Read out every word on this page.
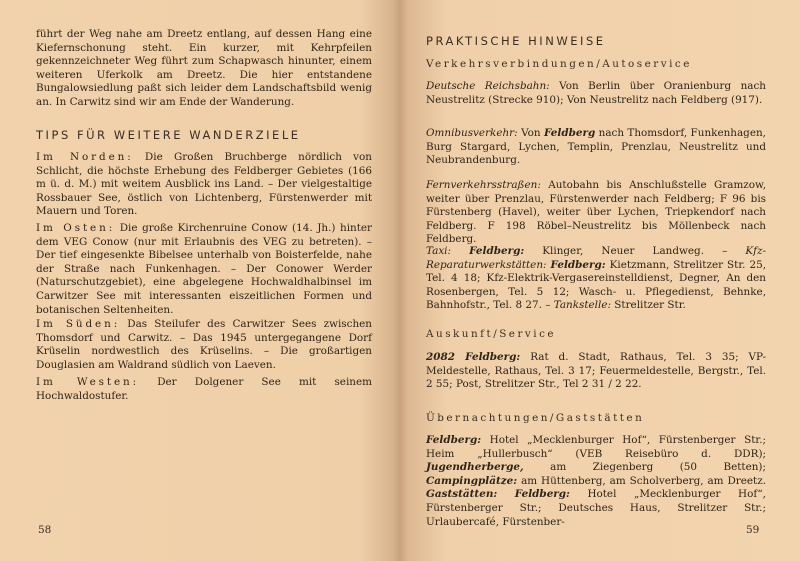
führt der Weg nahe am Dreetz entlang, auf dessen Hang eine Kiefernschonung steht. Ein kurzer, mit Kehrpfeilen gekennzeichneter Weg führt zum Schapwasch hinunter, einem weiteren Uferkolk am Dreetz. Die hier entstandene Bungalowsiedlung paßt sich leider dem Landschaftsbild wenig an. In Carwitz sind wir am Ende der Wanderung.

TIPS FÜR WEITERE WANDERZIELE

Im Norden: Die Großen Bruchberge nördlich von Schlicht, die höchste Erhebung des Feldberger Gebietes (166 m ü. d. M.) mit weitem Ausblick ins Land. – Der vielgestaltige Rossbauer See, östlich von Lichtenberg, Fürstenwerder mit Mauern und Toren.

Im Osten: Die große Kirchenruine Conow (14. Jh.) hinter dem VEG Conow (nur mit Erlaubnis des VEG zu betreten). – Der tief eingesenkte Bibelsee unterhalb von Boisterfelde, nahe der Straße nach Funkenhagen. – Der Conower Werder (Naturschutzgebiet), eine abgelegene Hochwaldhalbinsel im Carwitzer See mit interessanten eiszeitlichen Formen und botanischen Seltenheiten.

Im Süden: Das Steilufer des Carwitzer Sees zwischen Thomsdorf und Carwitz. – Das 1945 untergegangene Dorf Krüselin nordwestlich des Krüselins. – Die großartigen Douglasien am Waldrand südlich von Laeven.

Im Westen: Der Dolgener See mit seinem Hochwaldostufer.

58
PRAKTISCHE HINWEISE
Verkehrsverbindungen/Autoservice

Deutsche Reichsbahn: Von Berlin über Oranienburg nach Neustrelitz (Strecke 910); Von Neustrelitz nach Feldberg (917).

Omnibusverkehr: Von Feldberg nach Thomsdorf, Funkenhagen, Burg Stargard, Lychen, Templin, Prenzlau, Neustrelitz und Neubrandenburg.

Fernverkehrsstraßen: Autobahn bis Anschlußstelle Gramzow, weiter über Prenzlau, Fürstenwerder nach Feldberg; F 96 bis Fürstenberg (Havel), weiter über Lychen, Triepkendorf nach Feldberg. F 198 Röbel–Neustrelitz bis Möllenbeck nach Feldberg.

Taxi: Feldberg: Klinger, Neuer Landweg. – Kfz-Reparaturwerkstätten: Feldberg: Kietzmann, Strelitzer Str. 25, Tel. 4 18; Kfz-Elektrik-Vergasereinstelldienst, Degner, An den Rosenbergen, Tel. 5 12; Wasch- u. Pflegedienst, Behnke, Bahnhofstr., Tel. 8 27. – Tankstelle: Strelitzer Str.

Auskunft/Service

2082 Feldberg: Rat d. Stadt, Rathaus, Tel. 3 35; VP-Meldestelle, Rathaus, Tel. 3 17; Feuermeldestelle, Bergstr., Tel. 2 55; Post, Strelitzer Str., Tel 2 31 / 2 22.

Übernachtungen/Gaststätten

Feldberg: Hotel „Mecklenburger Hof“, Fürstenberger Str.; Heim „Hullerbusch“ (VEB Reisebüro d. DDR); Jugendherberge,	am Ziegenberg (50 Betten); Campingplätze: am Hüttenberg, am Scholverberg, am Dreetz. Gaststätten: Feldberg: Hotel „Mecklenburger Hof“, Fürstenberger Str.; Deutsches Haus, Strelitzer Str.; Urlaubercafé, Fürstenber-

59
